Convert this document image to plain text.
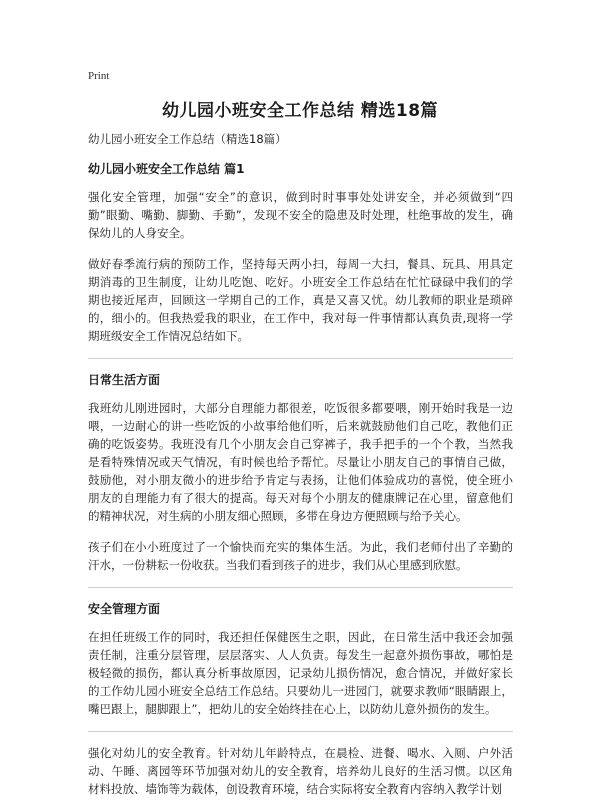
Print
幼儿园小班安全工作总结 精选18篇
幼儿园小班安全工作总结（精选18篇）
幼儿园小班安全工作总结 篇1

强化安全管理，加强“安全”的意识，做到时时事事处处讲安全，并必须做到“四勤”眼勤、嘴勤、脚勤、手勤”，发现不安全的隐患及时处理，杜绝事故的发生，确保幼儿的人身安全。

做好春季流行病的预防工作，坚持每天两小扫，每周一大扫，餐具、玩具、用具定期消毒的卫生制度，让幼儿吃饱、吃好。小班安全工作总结在忙忙碌碌中我们的学期也接近尾声，回顾这一学期自己的工作，真是又喜又忧。幼儿教师的职业是琐碎的，细小的。但我热爱我的职业，在工作中，我对每一件事情都认真负责,现将一学期班级安全工作情况总结如下。

日常生活方面

我班幼儿刚进园时，大部分自理能力都很差，吃饭很多都要喂，刚开始时我是一边喂，一边耐心的讲一些吃饭的小故事给他们听，后来就鼓励他们自己吃，教他们正确的吃饭姿势。我班没有几个小朋友会自己穿裤子，我手把手的一个个教，当然我是看特殊情况或天气情况，有时候也给予帮忙。尽量让小朋友自己的事情自己做，鼓励他，对小朋友微小的进步给予肯定与表扬，让他们体验成功的喜悦，使全班小朋友的自理能力有了很大的提高。每天对每个小朋友的健康牌记在心里，留意他们的精神状况，对生病的小朋友细心照顾，多带在身边方便照顾与给予关心。

孩子们在小小班度过了一个愉快而充实的集体生活。为此，我们老师付出了辛勤的汗水，一份耕耘一份收获。当我们看到孩子的进步，我们从心里感到欣慰。

安全管理方面

在担任班级工作的同时，我还担任保健医生之职，因此，在日常生活中我还会加强责任制，注重分层管理，层层落实、人人负责。每发生一起意外损伤事故，哪怕是极轻微的损伤，都认真分析事故原因，记录幼儿损伤情况，愈合情况，并做好家长的工作幼儿园小班安全总结工作总结。只要幼儿一进园门，就要求教师“眼睛跟上，嘴巴跟上，腿脚跟上”，把幼儿的安全始终挂在心上，以防幼儿意外损伤的发生。

强化对幼儿的安全教育。针对幼儿年龄特点，在晨检、进餐、喝水、入厕、户外活动、午睡、离园等环节加强对幼儿的安全教育，培养幼儿良好的生活习惯。以区角材料投放、墙饰等为载体，创设教育环境，结合实际将安全教育内容纳入教学计划
